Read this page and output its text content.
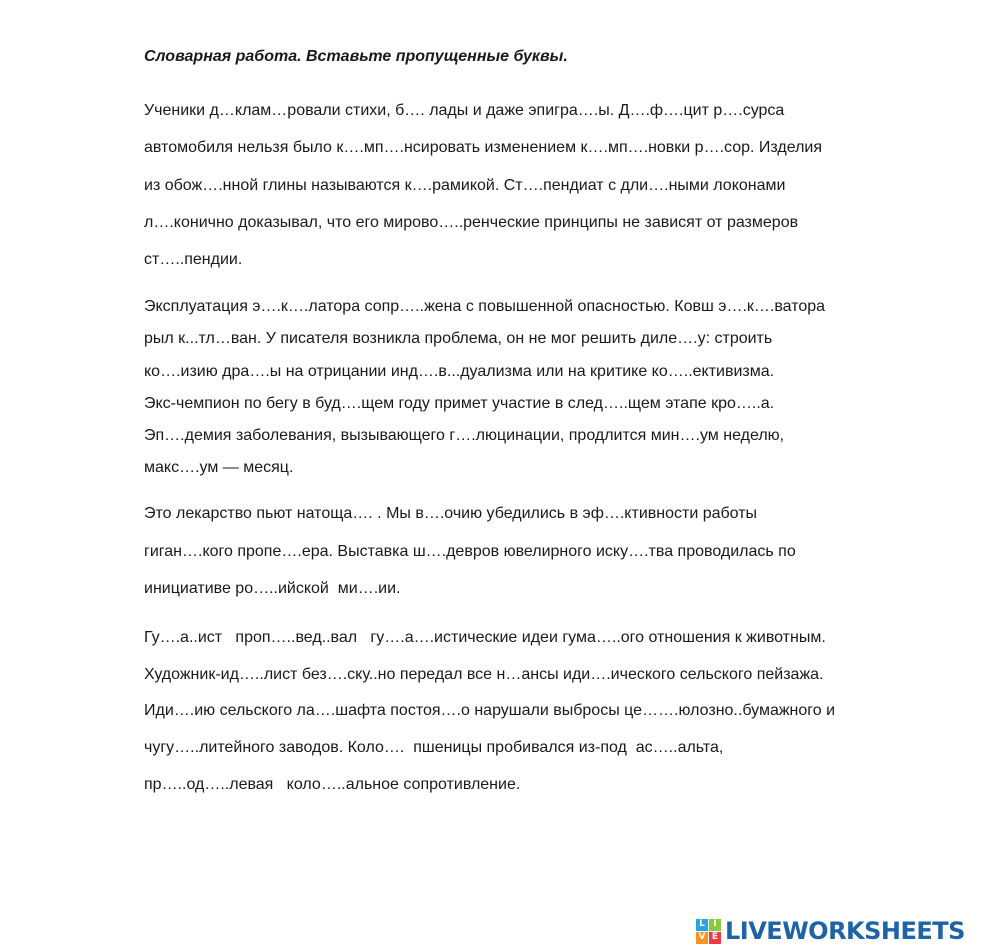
Словарная работа. Вставьте пропущенные буквы.
Ученики д…клам…ровали стихи, б…. лады и даже эпигра….ы. Д….ф….цит р….сурса
автомобиля нельзя было к….мп….нсировать изменением к….мп….новки р….сор. Изделия
из обож….нной глины называются к….рамикой. Ст….пендиат с дли….ными локонами
л….конично доказывал, что его мирово…..ренческие принципы не зависят от размеров
ст…..пендии.
Эксплуатация э….к….латора сопр…..жена с повышенной опасностью. Ковш э….к….ватора
рыл к...тл…ван. У писателя возникла проблема, он не мог решить диле….у: строить
ко….изию дра….ы на отрицании инд….в...дуализма или на критике ко…..ективизма.
Экс-чемпион по бегу в буд….щем году примет участие в след…..щем этапе кро…..а.
Эп….демия заболевания, вызывающего г….люцинации, продлится мин….ум неделю,
макс….ум — месяц.
Это лекарство пьют натоща…. . Мы в….очию убедились в эф….ктивности работы
гиган….кого пропе….ера. Выставка ш….девров ювелирного иску….тва проводилась по
инициативе ро…..ийской  ми….ии.
Гу….а..ист   проп…..вед..вал   гу….а….истические идеи гума…..ого отношения к животным.
Художник-ид…..лист без….ску..но передал все н…ансы иди….ического сельского пейзажа.
Иди….ию сельского ла….шафта постоя….о нарушали выбросы це…….юлозно..бумажного и
чугу…..литейного заводов. Коло….  пшеницы пробивался из-под  ас…..альта,
пр…..од…..левая   коло…..альное сопротивление.
L I
V E LIVEWORKSHEETS
